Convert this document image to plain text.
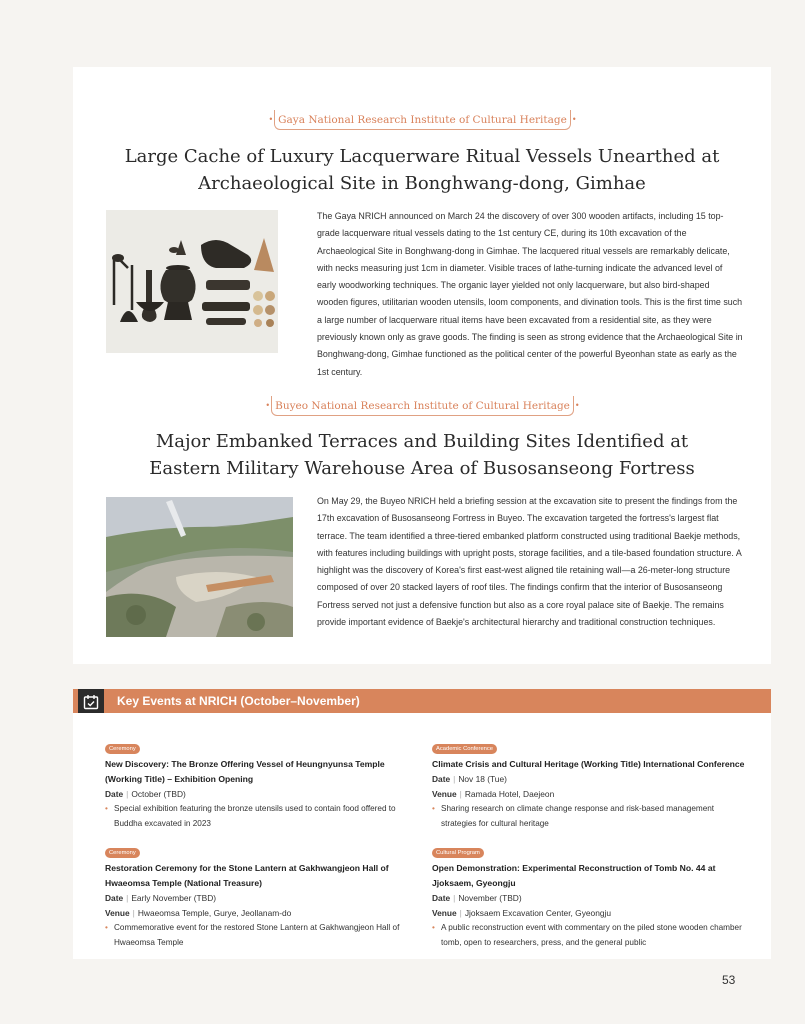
• Gaya National Research Institute of Cultural Heritage •
Large Cache of Luxury Lacquerware Ritual Vessels Unearthed at
Archaeological Site in Bonghwang-dong, Gimhae
The Gaya NRICH announced on March 24 the discovery of over 300 wooden artifacts, including 15 top-grade lacquerware ritual vessels dating to the 1st century CE, during its 10th excavation of the Archaeological Site in Bonghwang-dong in Gimhae. The lacquered ritual vessels are remarkably delicate, with necks measuring just 1cm in diameter. Visible traces of lathe-turning indicate the advanced level of early woodworking techniques. The organic layer yielded not only lacquerware, but also bird-shaped wooden figures, utilitarian wooden utensils, loom components, and divination tools. This is the first time such a large number of lacquerware ritual items have been excavated from a residential site, as they were previously known only as grave goods. The finding is seen as strong evidence that the Archaeological Site in Bonghwang-dong, Gimhae functioned as the political center of the powerful Byeonhan state as early as the 1st century.
• Buyeo National Research Institute of Cultural Heritage •
Major Embanked Terraces and Building Sites Identified at
Eastern Military Warehouse Area of Busosanseong Fortress
On May 29, the Buyeo NRICH held a briefing session at the excavation site to present the findings from the 17th excavation of Busosanseong Fortress in Buyeo. The excavation targeted the fortress's largest flat terrace. The team identified a three-tiered embanked platform constructed using traditional Baekje methods, with features including buildings with upright posts, storage facilities, and a tile-based foundation structure. A highlight was the discovery of Korea's first east-west aligned tile retaining wall—a 26-meter-long structure composed of over 20 stacked layers of roof tiles. The findings confirm that the interior of Busosanseong Fortress served not just a defensive function but also as a core royal palace site of Baekje. The remains provide important evidence of Baekje's architectural hierarchy and traditional construction techniques.
Key Events at NRICH (October–November)
Ceremony
New Discovery: The Bronze Offering Vessel of Heungnyunsa Temple (Working Title) – Exhibition Opening
Date | October (TBD)
• Special exhibition featuring the bronze utensils used to contain food offered to Buddha excavated in 2023
Academic Conference
Climate Crisis and Cultural Heritage (Working Title) International Conference
Date | Nov 18 (Tue)
Venue | Ramada Hotel, Daejeon
• Sharing research on climate change response and risk-based management strategies for cultural heritage
Ceremony
Restoration Ceremony for the Stone Lantern at Gakhwangjeon Hall of Hwaeomsa Temple (National Treasure)
Date | Early November (TBD)
Venue | Hwaeomsa Temple, Gurye, Jeollanam-do
• Commemorative event for the restored Stone Lantern at Gakhwangjeon Hall of Hwaeomsa Temple
Cultural Program
Open Demonstration: Experimental Reconstruction of Tomb No. 44 at Jjoksaem, Gyeongju
Date | November (TBD)
Venue | Jjoksaem Excavation Center, Gyeongju
• A public reconstruction event with commentary on the piled stone wooden chamber tomb, open to researchers, press, and the general public
53
